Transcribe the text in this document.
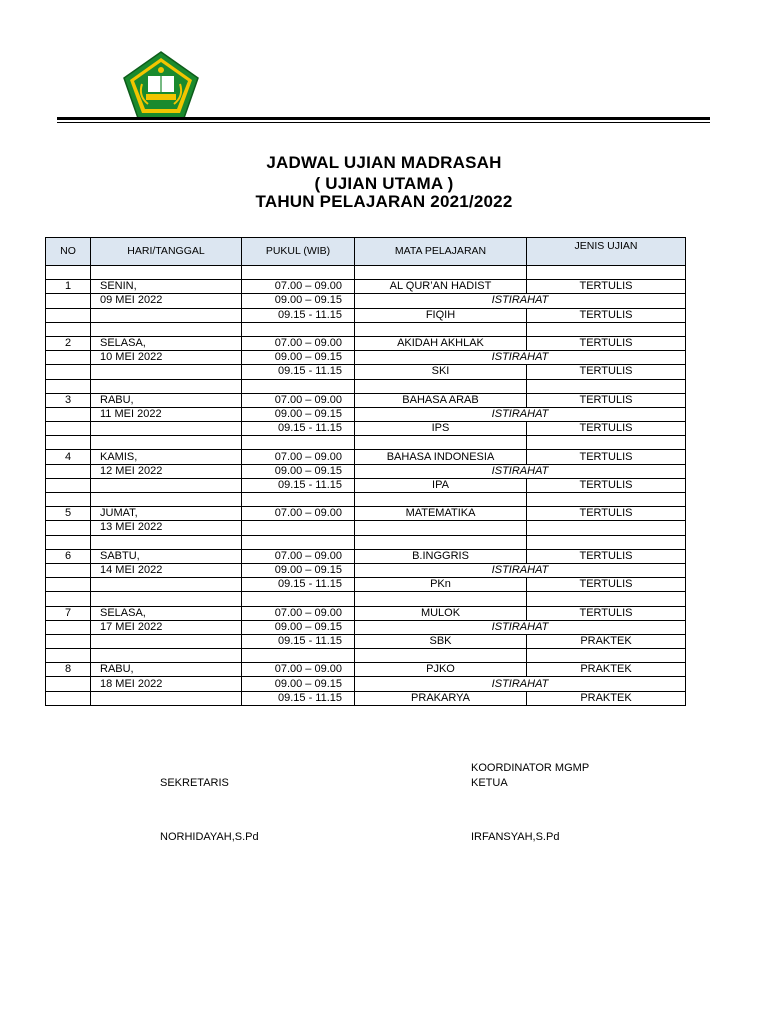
JADWAL UJIAN MADRASAH
( UJIAN UTAMA )
TAHUN PELAJARAN 2021/2022
NO	HARI/TANGGAL	PUKUL (WIB)	MATA PELAJARAN	JENIS UJIAN

1	SENIN,	07.00 – 09.00	AL QUR’AN HADIST	TERTULIS
	09 MEI 2022	09.00 – 09.15	ISTIRAHAT	
		09.15 - 11.15	FIQIH	TERTULIS

2	SELASA,	07.00 – 09.00	AKIDAH AKHLAK	TERTULIS
	10 MEI 2022	09.00 – 09.15	ISTIRAHAT	
		09.15 - 11.15	SKI	TERTULIS

3	RABU,	07.00 – 09.00	BAHASA ARAB	TERTULIS
	11 MEI 2022	09.00 – 09.15	ISTIRAHAT	
		09.15 - 11.15	IPS	TERTULIS

4	KAMIS,	07.00 – 09.00	BAHASA INDONESIA	TERTULIS
	12 MEI 2022	09.00 – 09.15	ISTIRAHAT	
		09.15 - 11.15	IPA	TERTULIS

5	JUMAT,	07.00 – 09.00	MATEMATIKA	TERTULIS
	13 MEI 2022			

6	SABTU,	07.00 – 09.00	B.INGGRIS	TERTULIS
	14 MEI 2022	09.00 – 09.15	ISTIRAHAT	
		09.15 - 11.15	PKn	TERTULIS

7	SELASA,	07.00 – 09.00	MULOK	TERTULIS
	17 MEI 2022	09.00 – 09.15	ISTIRAHAT	
		09.15 - 11.15	SBK	PRAKTEK

8	RABU,	07.00 – 09.00	PJKO	PRAKTEK
	18 MEI 2022	09.00 – 09.15	ISTIRAHAT	
		09.15 - 11.15	PRAKARYA	PRAKTEK
SEKRETARIS
KOORDINATOR MGMP
KETUA
NORHIDAYAH,S.Pd	IRFANSYAH,S.Pd
